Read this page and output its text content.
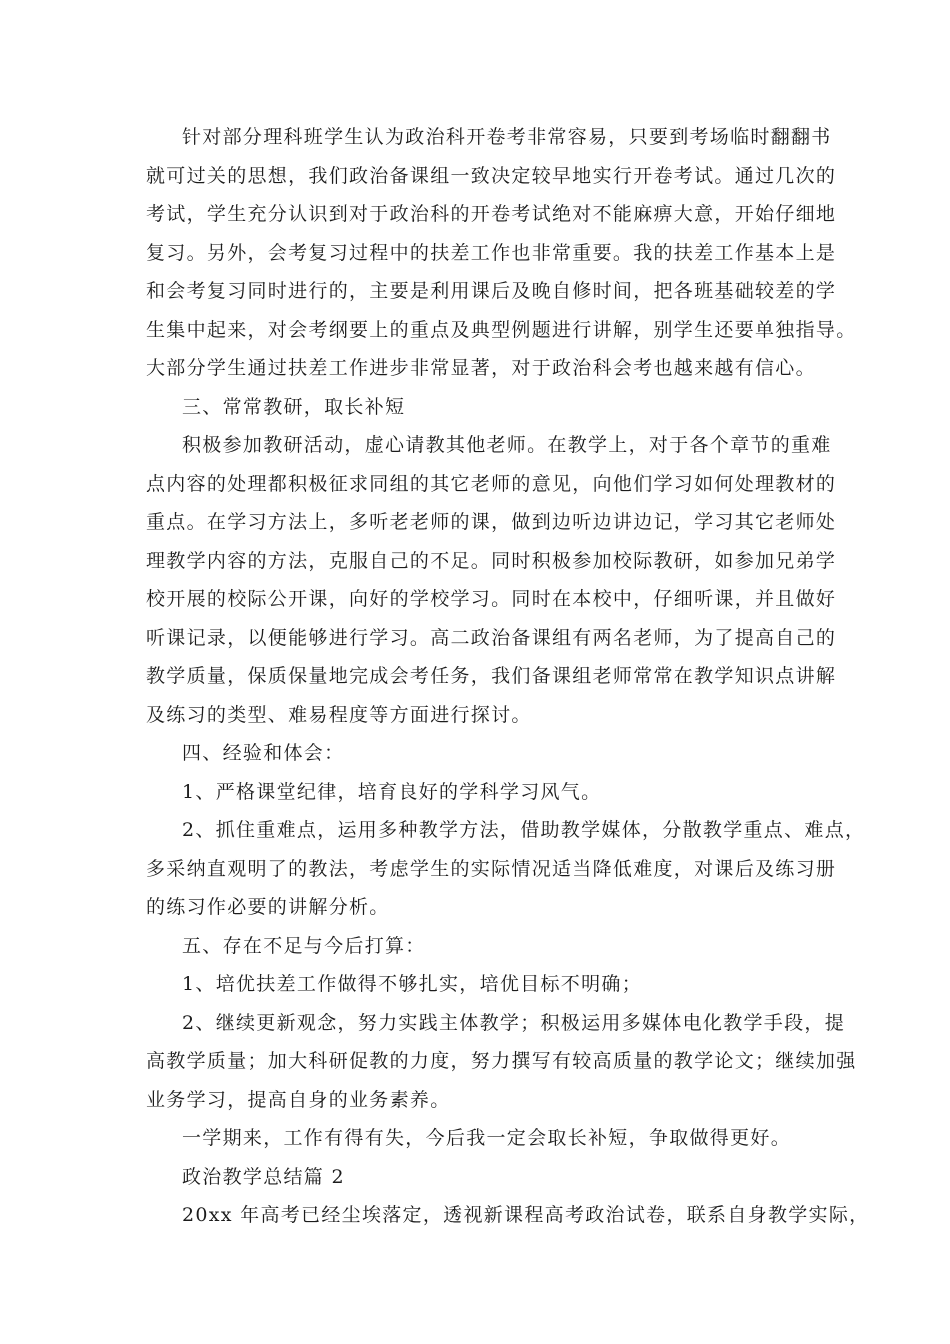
针对部分理科班学生认为政治科开卷考非常容易，只要到考场临时翻翻书
就可过关的思想，我们政治备课组一致决定较早地实行开卷考试。通过几次的
考试，学生充分认识到对于政治科的开卷考试绝对不能麻痹大意，开始仔细地
复习。另外，会考复习过程中的扶差工作也非常重要。我的扶差工作基本上是
和会考复习同时进行的，主要是利用课后及晚自修时间，把各班基础较差的学
生集中起来，对会考纲要上的重点及典型例题进行讲解，别学生还要单独指导。
大部分学生通过扶差工作进步非常显著，对于政治科会考也越来越有信心。
三、常常教研，取长补短
积极参加教研活动，虚心请教其他老师。在教学上，对于各个章节的重难
点内容的处理都积极征求同组的其它老师的意见，向他们学习如何处理教材的
重点。在学习方法上，多听老老师的课，做到边听边讲边记，学习其它老师处
理教学内容的方法，克服自己的不足。同时积极参加校际教研，如参加兄弟学
校开展的校际公开课，向好的学校学习。同时在本校中，仔细听课，并且做好
听课记录，以便能够进行学习。高二政治备课组有两名老师，为了提高自己的
教学质量，保质保量地完成会考任务，我们备课组老师常常在教学知识点讲解
及练习的类型、难易程度等方面进行探讨。
四、经验和体会：
1、严格课堂纪律，培育良好的学科学习风气。
2、抓住重难点，运用多种教学方法，借助教学媒体，分散教学重点、难点，
多采纳直观明了的教法，考虑学生的实际情况适当降低难度，对课后及练习册
的练习作必要的讲解分析。
五、存在不足与今后打算：
1、培优扶差工作做得不够扎实，培优目标不明确；
2、继续更新观念，努力实践主体教学；积极运用多媒体电化教学手段，提
高教学质量；加大科研促教的力度，努力撰写有较高质量的教学论文；继续加强
业务学习，提高自身的业务素养。
一学期来，工作有得有失，今后我一定会取长补短，争取做得更好。
政治教学总结篇 2
20xx 年高考已经尘埃落定，透视新课程高考政治试卷，联系自身教学实际，
